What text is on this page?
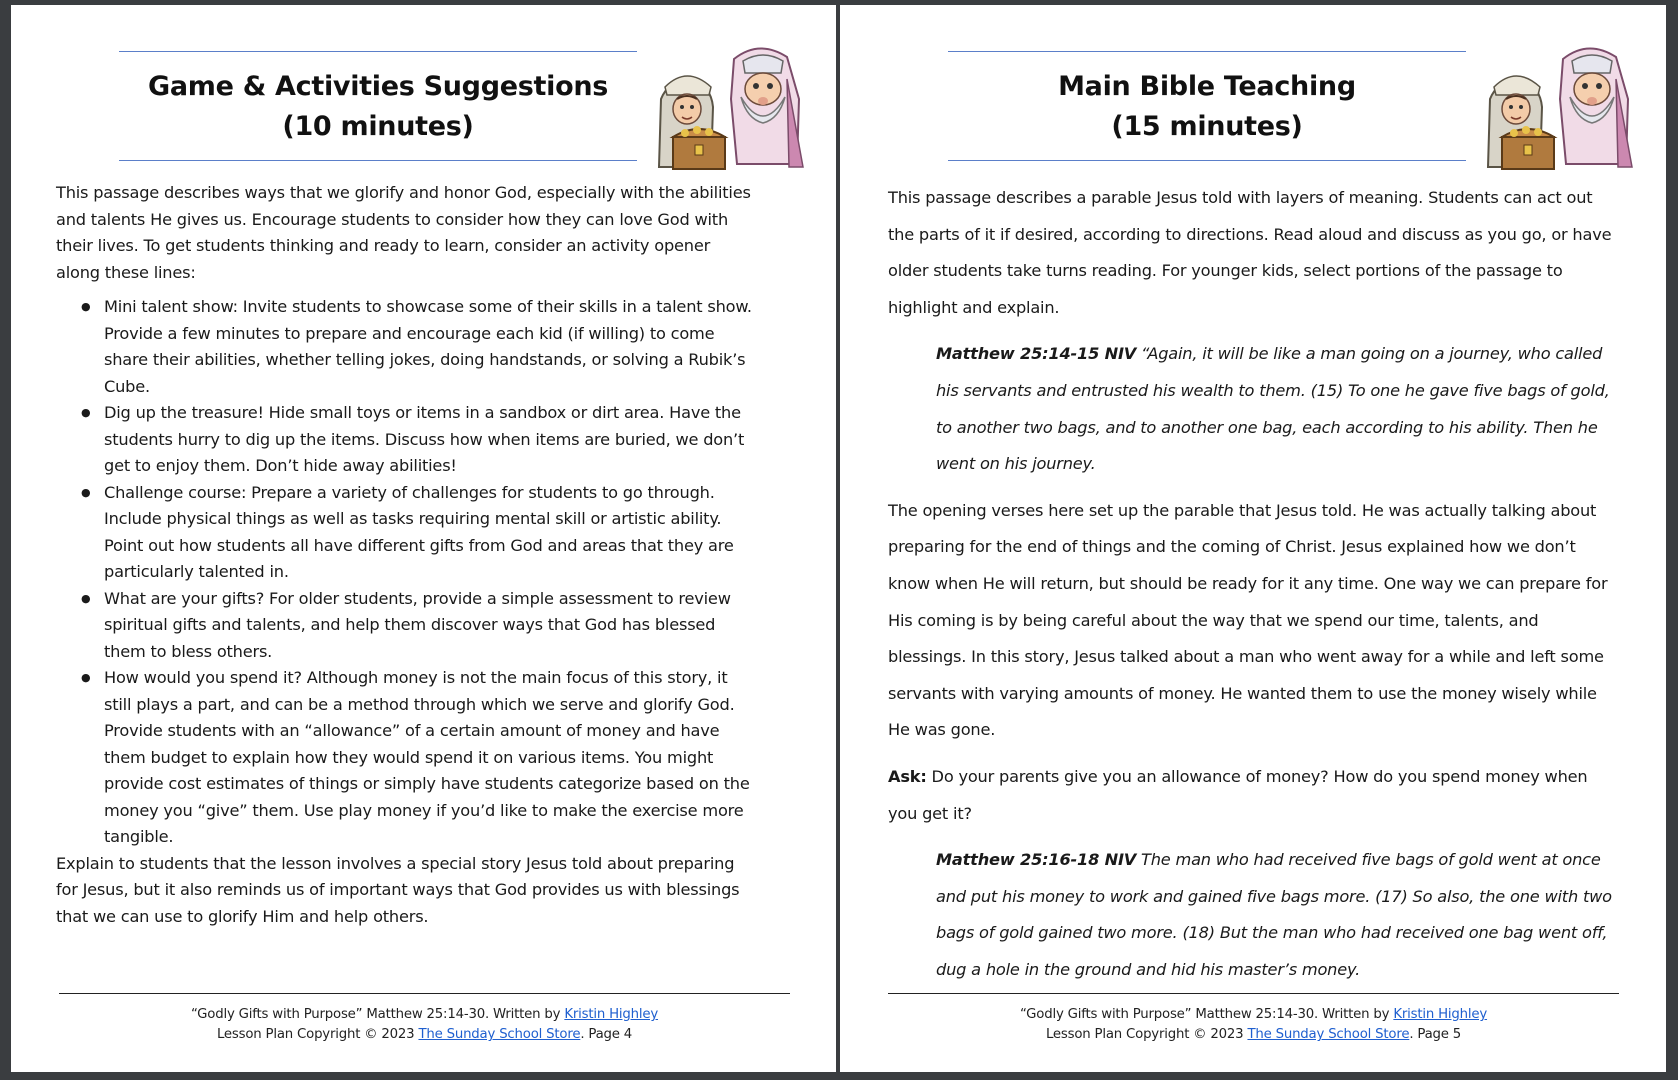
Game & Activities Suggestions
(10 minutes)

This passage describes ways that we glorify and honor God, especially with the abilities and talents He gives us. Encourage students to consider how they can love God with their lives. To get students thinking and ready to learn, consider an activity opener along these lines:

● Mini talent show: Invite students to showcase some of their skills in a talent show. Provide a few minutes to prepare and encourage each kid (if willing) to come share their abilities, whether telling jokes, doing handstands, or solving a Rubik’s Cube.
● Dig up the treasure! Hide small toys or items in a sandbox or dirt area. Have the students hurry to dig up the items. Discuss how when items are buried, we don’t get to enjoy them. Don’t hide away abilities!
● Challenge course: Prepare a variety of challenges for students to go through. Include physical things as well as tasks requiring mental skill or artistic ability. Point out how students all have different gifts from God and areas that they are particularly talented in.
● What are your gifts? For older students, provide a simple assessment to review spiritual gifts and talents, and help them discover ways that God has blessed them to bless others.
● How would you spend it? Although money is not the main focus of this story, it still plays a part, and can be a method through which we serve and glorify God. Provide students with an “allowance” of a certain amount of money and have them budget to explain how they would spend it on various items. You might provide cost estimates of things or simply have students categorize based on the money you “give” them. Use play money if you’d like to make the exercise more tangible.

Explain to students that the lesson involves a special story Jesus told about preparing for Jesus, but it also reminds us of important ways that God provides us with blessings that we can use to glorify Him and help others.

“Godly Gifts with Purpose” Matthew 25:14-30. Written by Kristin Highley
Lesson Plan Copyright © 2023 The Sunday School Store. Page 4
Main Bible Teaching
(15 minutes)

This passage describes a parable Jesus told with layers of meaning. Students can act out the parts of it if desired, according to directions. Read aloud and discuss as you go, or have older students take turns reading. For younger kids, select portions of the passage to highlight and explain.

Matthew 25:14-15 NIV “Again, it will be like a man going on a journey, who called his servants and entrusted his wealth to them. (15) To one he gave five bags of gold, to another two bags, and to another one bag, each according to his ability. Then he went on his journey.

The opening verses here set up the parable that Jesus told. He was actually talking about preparing for the end of things and the coming of Christ. Jesus explained how we don’t know when He will return, but should be ready for it any time. One way we can prepare for His coming is by being careful about the way that we spend our time, talents, and blessings. In this story, Jesus talked about a man who went away for a while and left some servants with varying amounts of money. He wanted them to use the money wisely while He was gone.

Ask: Do your parents give you an allowance of money? How do you spend money when you get it?

Matthew 25:16-18 NIV The man who had received five bags of gold went at once and put his money to work and gained five bags more. (17) So also, the one with two bags of gold gained two more. (18) But the man who had received one bag went off, dug a hole in the ground and hid his master’s money.

“Godly Gifts with Purpose” Matthew 25:14-30. Written by Kristin Highley
Lesson Plan Copyright © 2023 The Sunday School Store. Page 5
